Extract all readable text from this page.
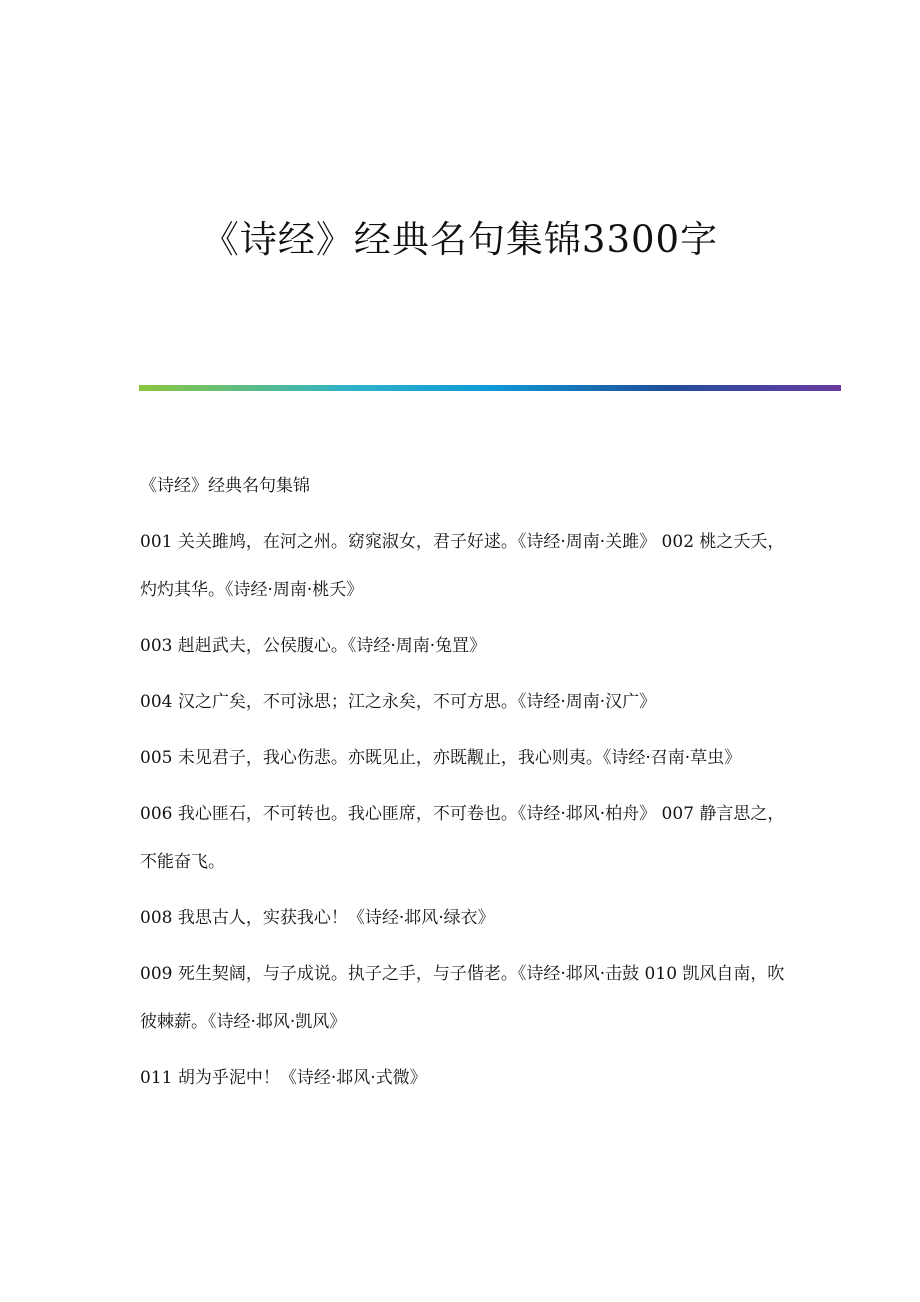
《诗经》经典名句集锦3300字

《诗经》经典名句集锦

001 关关雎鸠，在河之州。窈窕淑女，君子好逑。《诗经·周南·关雎》 002 桃之夭夭，灼灼其华。《诗经·周南·桃夭》

003 赳赳武夫，公侯腹心。《诗经·周南·兔罝》

004 汉之广矣，不可泳思；江之永矣，不可方思。《诗经·周南·汉广》

005 未见君子，我心伤悲。亦既见止，亦既觏止，我心则夷。《诗经·召南·草虫》

006 我心匪石，不可转也。我心匪席，不可卷也。《诗经·邶风·柏舟》 007 静言思之，不能奋飞。

008 我思古人，实获我心！《诗经·邶风·绿衣》

009 死生契阔，与子成说。执子之手，与子偕老。《诗经·邶风·击鼓 010 凯风自南，吹彼棘薪。《诗经·邶风·凯风》

011 胡为乎泥中！《诗经·邶风·式微》
